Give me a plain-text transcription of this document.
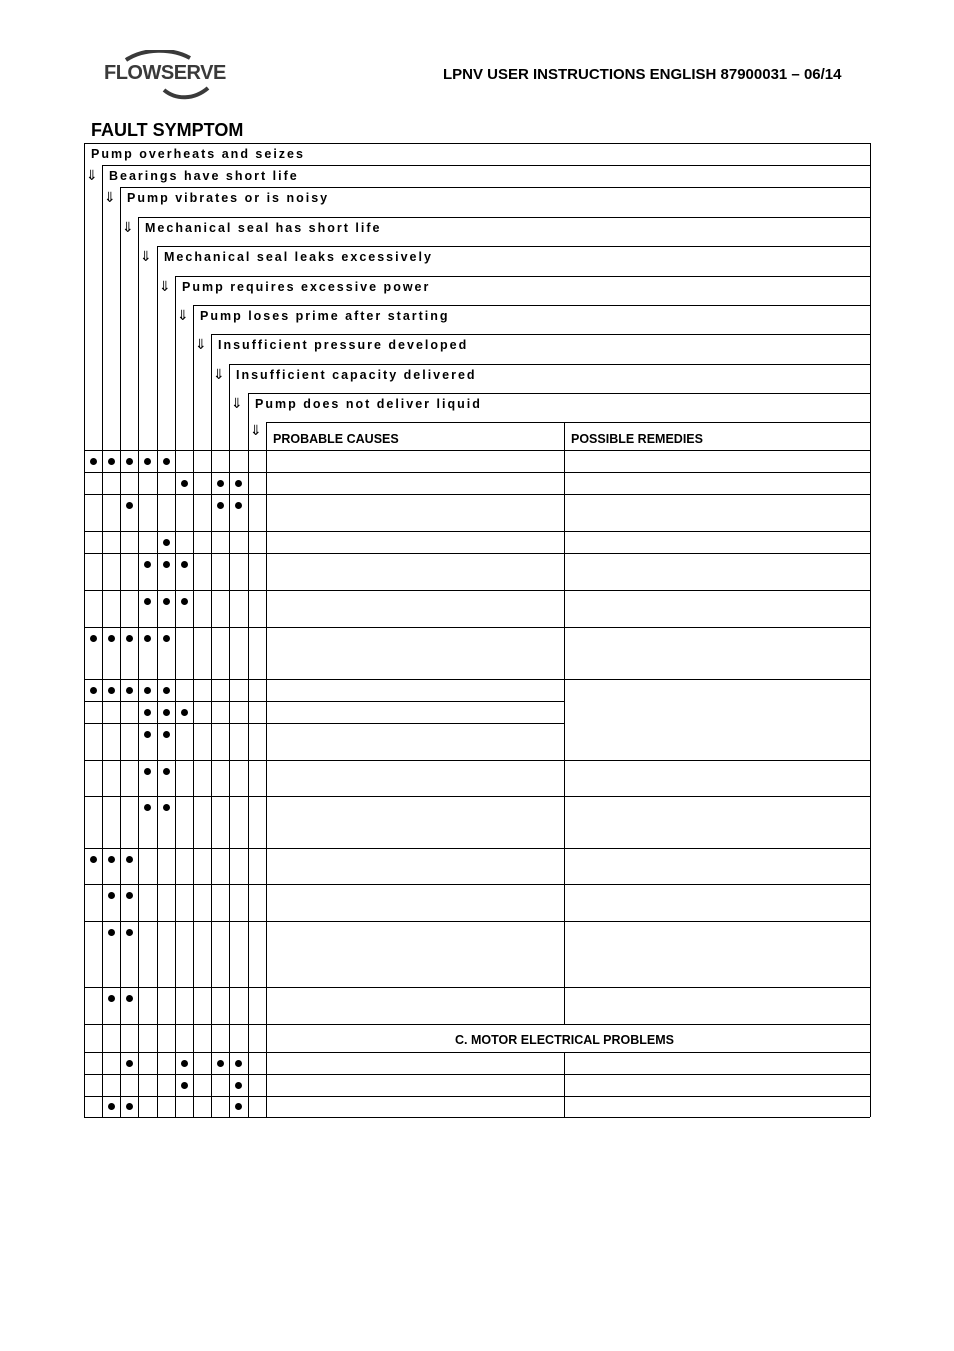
FLOWSERVE	LPNV USER INSTRUCTIONS ENGLISH 87900031 – 06/14
FAULT SYMPTOM
Pump overheats and seizes
⇓ Bearings have short life
⇓ Pump vibrates or is noisy
⇓ Mechanical seal has short life
⇓ Mechanical seal leaks excessively
⇓ Pump requires excessive power
⇓ Pump loses prime after starting
⇓ Insufficient pressure developed
⇓ Insufficient capacity delivered
⇓ Pump does not deliver liquid
⇓ PROBABLE CAUSES	POSSIBLE REMEDIES
C. MOTOR ELECTRICAL PROBLEMS
